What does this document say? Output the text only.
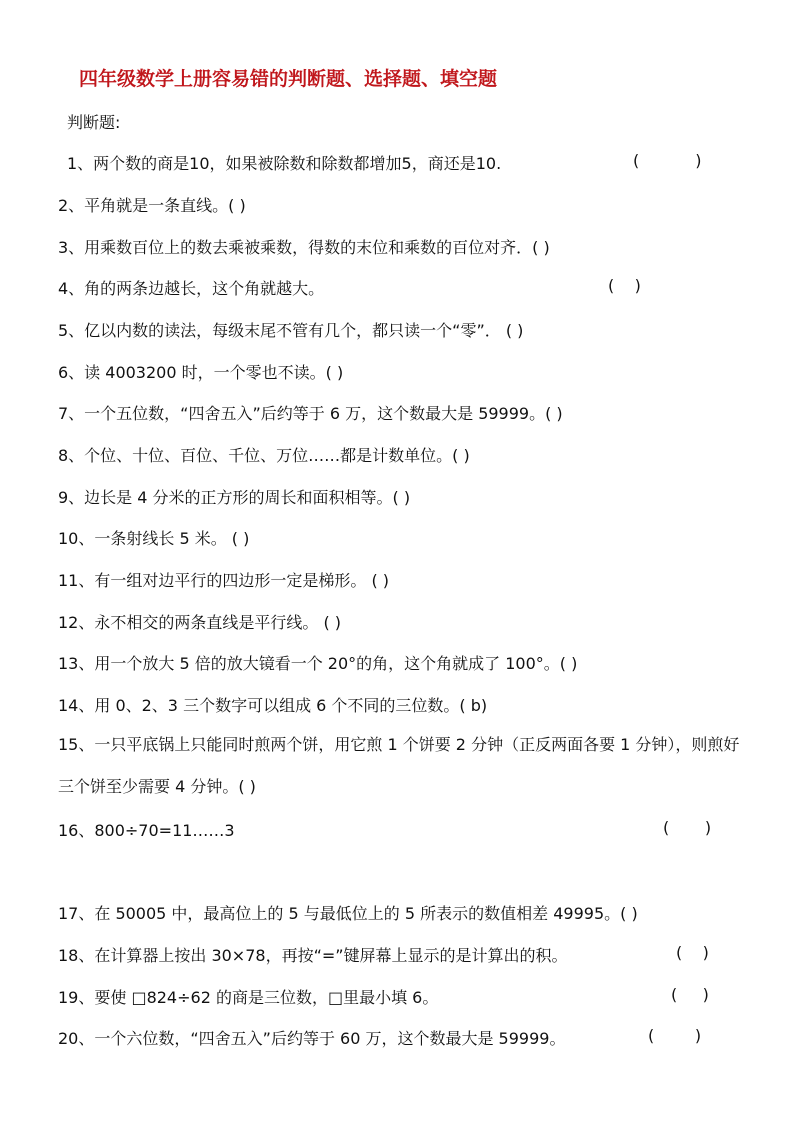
四年级数学上册容易错的判断题、选择题、填空题
判断题:
1、两个数的商是10，如果被除数和除数都增加5，商还是10.	(           )
2、平角就是一条直线。( )
3、用乘数百位上的数去乘被乘数，得数的末位和乘数的百位对齐．( )
4、角的两条边越长，这个角就越大。	(    )
5、亿以内数的读法，每级末尾不管有几个，都只读一个“零”． ( )
6、读 4003200 时，一个零也不读。( )
7、一个五位数，“四舍五入”后约等于 6 万，这个数最大是 59999。( )
8、个位、十位、百位、千位、万位……都是计数单位。( )
9、边长是 4 分米的正方形的周长和面积相等。( )
10、一条射线长 5 米。 ( )
11、有一组对边平行的四边形一定是梯形。 ( )
12、永不相交的两条直线是平行线。 ( )
13、用一个放大 5 倍的放大镜看一个 20°的角，这个角就成了 100°。( )
14、用 0、2、3 三个数字可以组成 6 个不同的三位数。( b)
15、一只平底锅上只能同时煎两个饼，用它煎 1 个饼要 2 分钟（正反两面各要 1 分钟），则煎好三个饼至少需要 4 分钟。( )
16、800÷70=11……3	(       )
17、在 50005 中，最高位上的 5 与最低位上的 5 所表示的数值相差 49995。( )
18、在计算器上按出 30×78，再按“=”键屏幕上显示的是计算出的积。	(    )
19、要使 □824÷62 的商是三位数，□里最小填 6。	(     )
20、一个六位数，“四舍五入”后约等于 60 万，这个数最大是 59999。	(        )
